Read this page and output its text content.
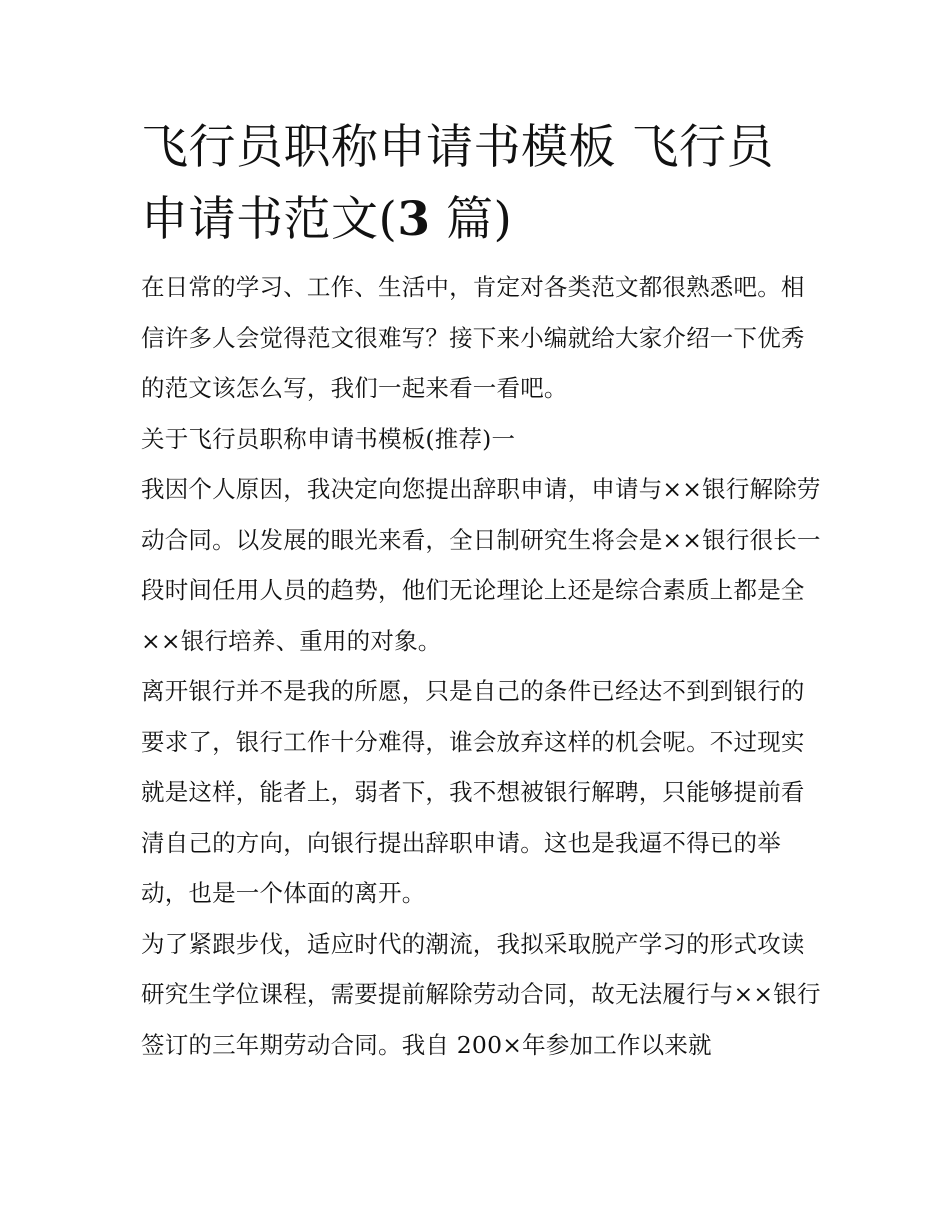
飞行员职称申请书模板 飞行员申请书范文(3 篇)

在日常的学习、工作、生活中，肯定对各类范文都很熟悉吧。相信许多人会觉得范文很难写？接下来小编就给大家介绍一下优秀的范文该怎么写，我们一起来看一看吧。

关于飞行员职称申请书模板(推荐)一

我因个人原因，我决定向您提出辞职申请，申请与××银行解除劳动合同。以发展的眼光来看，全日制研究生将会是××银行很长一段时间任用人员的趋势，他们无论理论上还是综合素质上都是全××银行培养、重用的对象。

离开银行并不是我的所愿，只是自己的条件已经达不到到银行的要求了，银行工作十分难得，谁会放弃这样的机会呢。不过现实就是这样，能者上，弱者下，我不想被银行解聘，只能够提前看清自己的方向，向银行提出辞职申请。这也是我逼不得已的举动，也是一个体面的离开。

为了紧跟步伐，适应时代的潮流，我拟采取脱产学习的形式攻读研究生学位课程，需要提前解除劳动合同，故无法履行与××银行签订的三年期劳动合同。我自 200×年参加工作以来就
